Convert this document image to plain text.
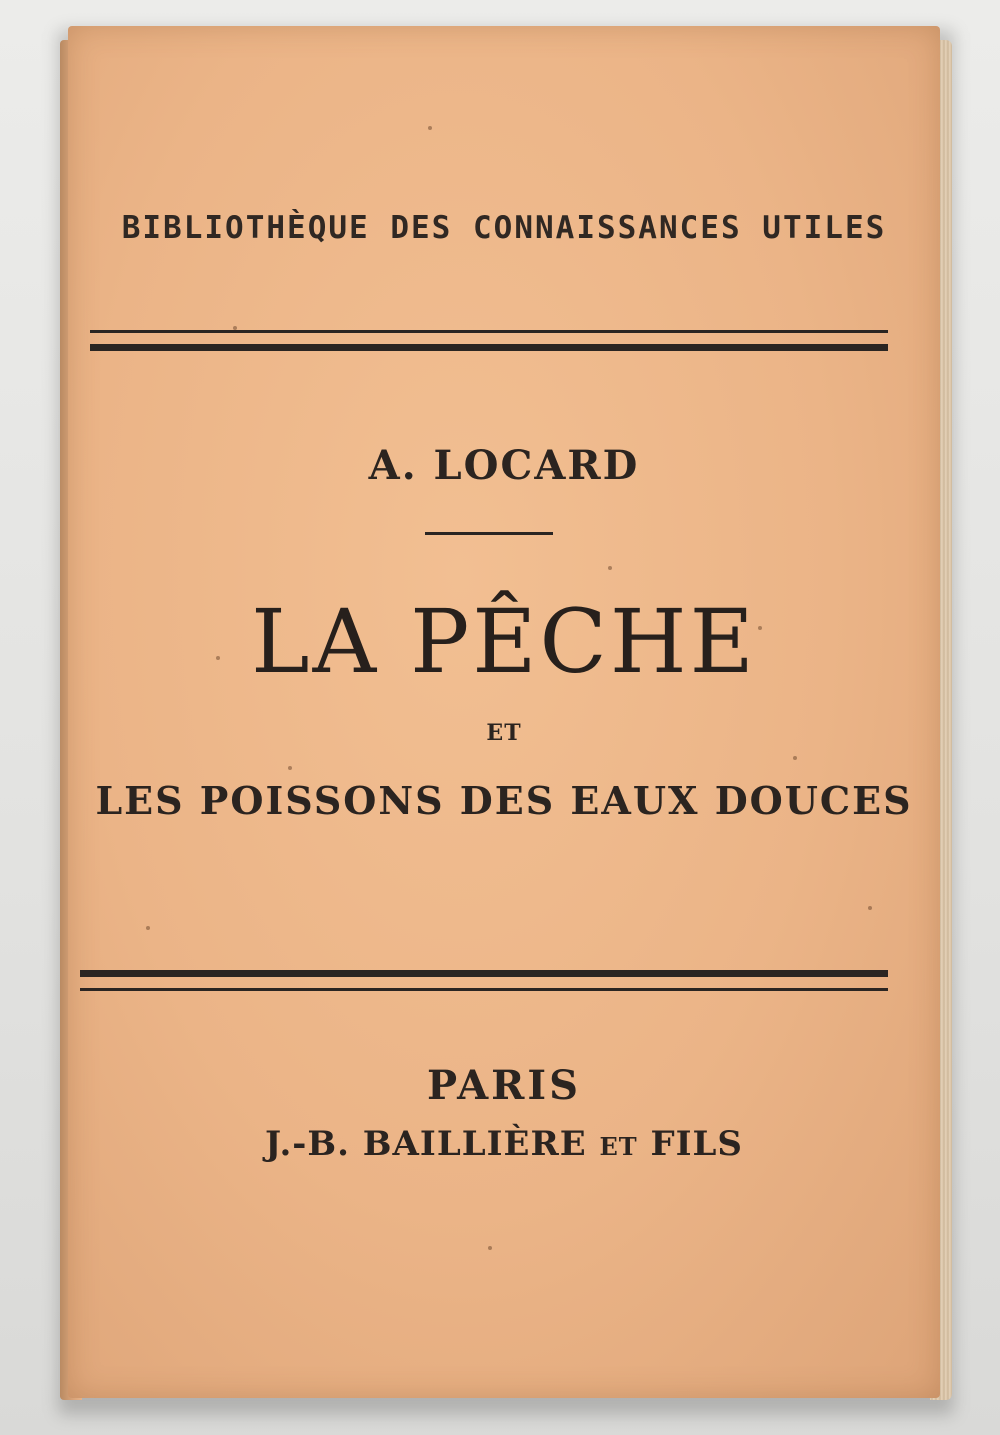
BIBLIOTHÈQUE DES CONNAISSANCES UTILES
A. LOCARD
LA PÊCHE
ET
LES POISSONS DES EAUX DOUCES
PARIS
J.-B. BAILLIÈRE ET FILS
